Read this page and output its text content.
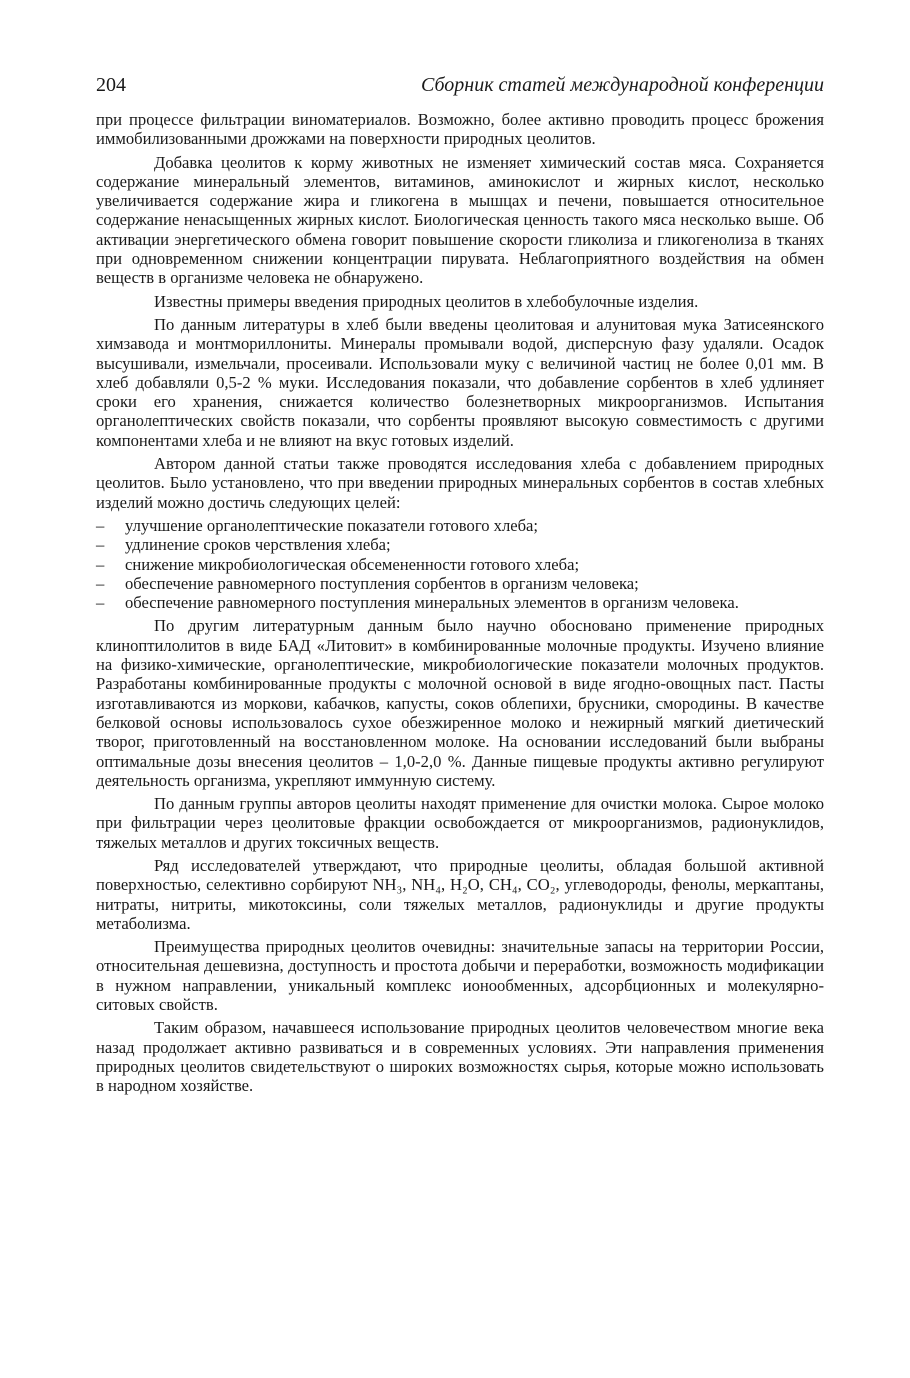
204	Сборник статей международной конференции

при процессе фильтрации виноматериалов. Возможно, более активно проводить процесс брожения иммобилизованными дрожжами на поверхности природных цеолитов.

Добавка цеолитов к корму животных не изменяет химический состав мяса. Сохраняется содержание минеральный элементов, витаминов, аминокислот и жирных кислот, несколько увеличивается содержание жира и гликогена в мышцах и печени, повышается относительное содержание ненасыщенных жирных кислот. Биологическая ценность такого мяса несколько выше. Об активации энергетического обмена говорит повышение скорости гликолиза и гликогенолиза в тканях при одновременном снижении концентрации пирувата. Неблагоприятного воздействия на обмен веществ в организме человека не обнаружено.

Известны примеры введения природных цеолитов в хлебобулочные изделия.

По данным литературы в хлеб были введены цеолитовая и алунитовая мука Затисеянского химзавода и монтмориллониты. Минералы промывали водой, дисперсную фазу удаляли. Осадок высушивали, измельчали, просеивали. Использовали муку с величиной частиц не более 0,01 мм. В хлеб добавляли 0,5-2 % муки. Исследования показали, что добавление сорбентов в хлеб удлиняет сроки его хранения, снижается количество болезнетворных микроорганизмов. Испытания органолептических свойств показали, что сорбенты проявляют высокую совместимость с другими компонентами хлеба и не влияют на вкус готовых изделий.

Автором данной статьи также проводятся исследования хлеба с добавлением природных цеолитов. Было установлено, что при введении природных минеральных сорбентов в состав хлебных изделий можно достичь следующих целей:

– улучшение органолептические показатели готового хлеба;
– удлинение сроков черствления хлеба;
– снижение микробиологическая обсемененности готового хлеба;
– обеспечение равномерного поступления сорбентов в организм человека;
– обеспечение равномерного поступления минеральных элементов в организм человека.

По другим литературным данным было научно обосновано применение природных клиноптилолитов в виде БАД «Литовит» в комбинированные молочные продукты. Изучено влияние на физико-химические, органолептические, микробиологические показатели молочных продуктов. Разработаны комбинированные продукты с молочной основой в виде ягодно-овощных паст. Пасты изготавливаются из моркови, кабачков, капусты, соков облепихи, брусники, смородины. В качестве белковой основы использовалось сухое обезжиренное молоко и нежирный мягкий диетический творог, приготовленный на восстановленном молоке. На основании исследований были выбраны оптимальные дозы внесения цеолитов – 1,0-2,0 %. Данные пищевые продукты активно регулируют деятельность организма, укрепляют иммунную систему.

По данным группы авторов цеолиты находят применение для очистки молока. Сырое молоко при фильтрации через цеолитовые фракции освобождается от микроорганизмов, радионуклидов, тяжелых металлов и других токсичных веществ.

Ряд исследователей утверждают, что природные цеолиты, обладая большой активной поверхностью, селективно сорбируют NH₃, NH₄, H₂O, CH₄, CO₂, углеводороды, фенолы, меркаптаны, нитраты, нитриты, микотоксины, соли тяжелых металлов, радионуклиды и другие продукты метаболизма.

Преимущества природных цеолитов очевидны: значительные запасы на территории России, относительная дешевизна, доступность и простота добычи и переработки, возможность модификации в нужном направлении, уникальный комплекс ионообменных, адсорбционных и молекулярно-ситовых свойств.

Таким образом, начавшееся использование природных цеолитов человечеством многие века назад продолжает активно развиваться и в современных условиях. Эти направления применения природных цеолитов свидетельствуют о широких возможностях сырья, которые можно использовать в народном хозяйстве.
